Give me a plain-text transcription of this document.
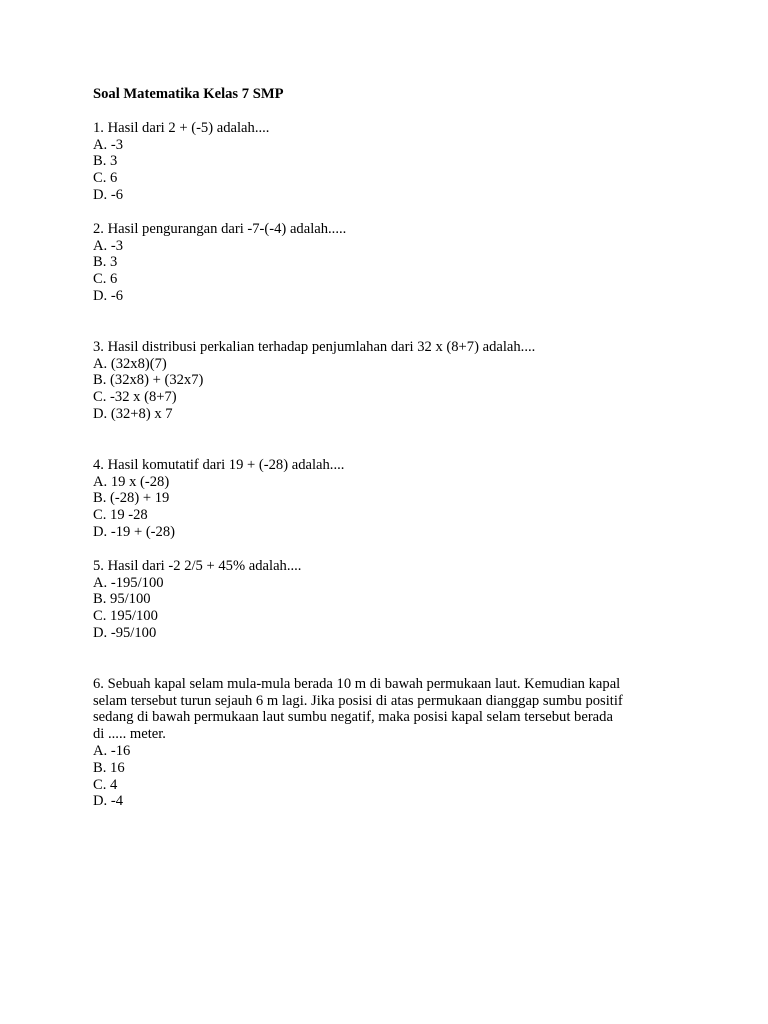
Soal Matematika Kelas 7 SMP

1. Hasil dari 2 + (-5) adalah....

A. -3
B. 3
C. 6
D. -6

2. Hasil pengurangan dari -7-(-4) adalah.....

A. -3
B. 3
C. 6
D. -6

3. Hasil distribusi perkalian terhadap penjumlahan dari 32 x (8+7) adalah....

A. (32x8)(7)
B. (32x8) + (32x7)
C. -32 x (8+7)
D. (32+8) x 7

4. Hasil komutatif dari 19 + (-28) adalah....

A. 19 x (-28)
B. (-28) + 19
C. 19 -28
D. -19 + (-28)

5. Hasil dari -2 2/5 + 45% adalah....

A. -195/100
B. 95/100
C. 195/100
D. -95/100

6. Sebuah kapal selam mula-mula berada 10 m di bawah permukaan laut. Kemudian kapal

selam tersebut turun sejauh 6 m lagi. Jika posisi di atas permukaan dianggap sumbu positif

sedang di bawah permukaan laut sumbu negatif, maka posisi kapal selam tersebut berada

di ..... meter.

A. -16
B. 16
C. 4
D. -4
